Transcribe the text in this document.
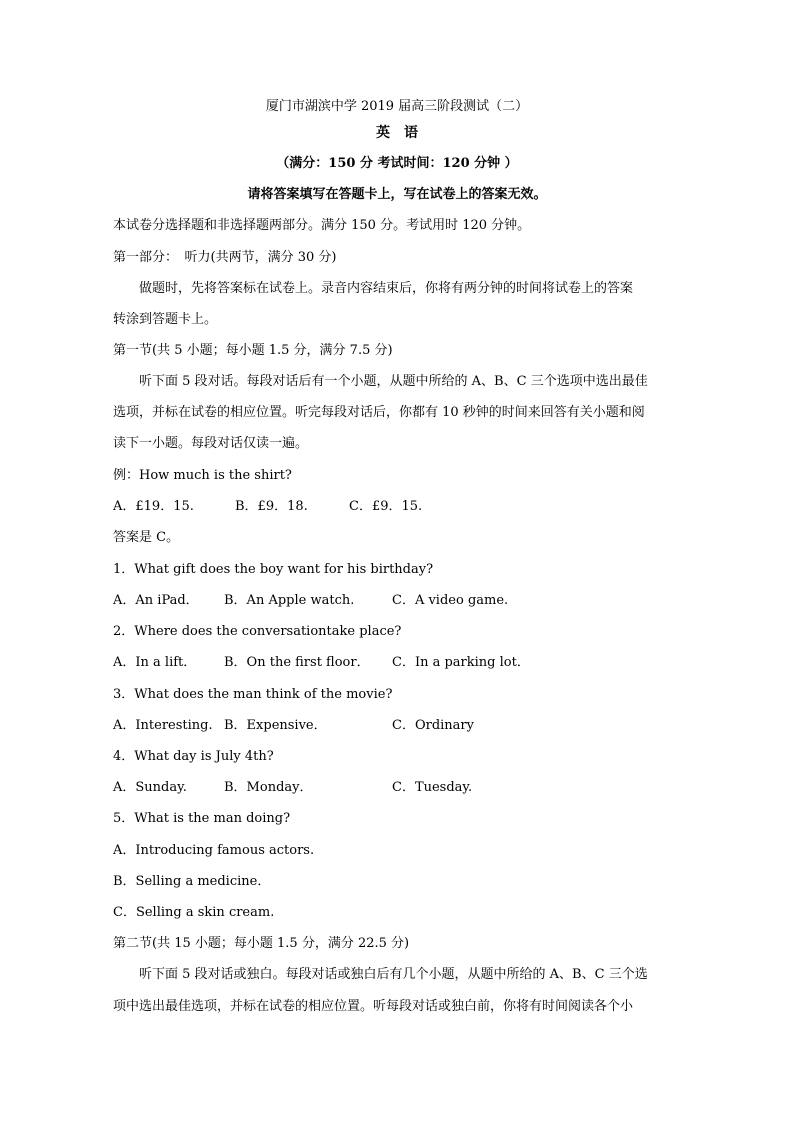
厦门市湖滨中学 2019 届高三阶段测试（二）
英　语
（满分：150 分 考试时间：120 分钟 ）
请将答案填写在答题卡上，写在试卷上的答案无效。
本试卷分选择题和非选择题两部分。满分 150 分。考试用时 120 分钟。
第一部分：　听力(共两节，满分 30 分)
做题时，先将答案标在试卷上。录音内容结束后，你将有两分钟的时间将试卷上的答案
转涂到答题卡上。
第一节(共 5 小题；每小题 1.5 分，满分 7.5 分)
听下面 5 段对话。每段对话后有一个小题，从题中所给的 A、B、C 三个选项中选出最佳
选项，并标在试卷的相应位置。听完每段对话后，你都有 10 秒钟的时间来回答有关小题和阅
读下一小题。每段对话仅读一遍。
例：How much is the shirt?
A．£19．15.	B．£9．18.	C．£9．15.
答案是 C。
1．What gift does the boy want for his birthday?
A．An iPad． B．An Apple watch.	C．A video game.
2．Where does the conversationtake place?
A．In a lift． B．On the first floor． C．In a parking lot．
3．What does the man think of the movie?
A．Interesting. B．Expensive．	C．Ordinary
4．What day is July 4th?
A．Sunday.	B．Monday．	C．Tuesday.
5．What is the man doing?
A．Introducing famous actors.
B．Selling a medicine．
C．Selling a skin cream.
第二节(共 15 小题；每小题 1.5 分，满分 22.5 分)
听下面 5 段对话或独白。每段对话或独白后有几个小题，从题中所给的 A、B、C 三个选
项中选出最佳选项，并标在试卷的相应位置。听每段对话或独白前，你将有时间阅读各个小
